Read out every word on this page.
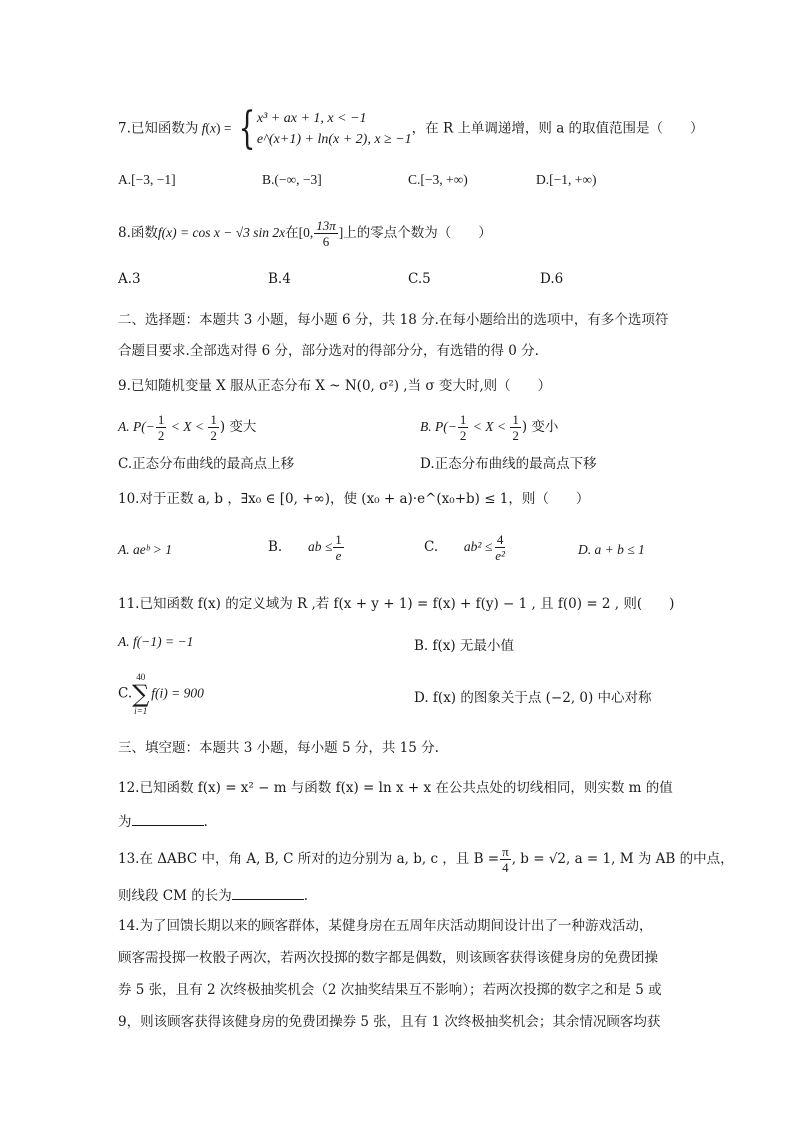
7.已知函数为 f(x) = { x³ + ax + 1, x < −1
e^(x+1) + ln(x + 2), x ≥ −1，在 R 上单调递增，则 a 的取值范围是（　　）
A.[−3, −1]	B.(−∞, −3]	C.[−3, +∞)	D.[−1, +∞)
8.函数f(x) = cos x − √3 sin 2x在[0, $\frac{13\pi}{6}$ ]上的零点个数为（　　）
A.3	B.4	C.5	D.6
二、选择题：本题共 3 小题，每小题 6 分，共 18 分.在每小题给出的选项中，有多个选项符
合题目要求.全部选对得 6 分，部分选对的得部分分，有选错的得 0 分.
9.已知随机变量 X 服从正态分布 X ~ N(0, σ²) ,当 σ 变大时,则（　　）
A. $P(- \frac{1}{2} < X < \frac{1}{2}$ ) 变大	B. $P(- \frac{1}{2} < X < \frac{1}{2}$ ) 变小
C.正态分布曲线的最高点上移	D.正态分布曲线的最高点下移
10.对于正数 a, b ，∃x₀ ∈ [0, +∞)，使 (x₀ + a)·e^(x₀+b) ≤ 1，则（　　）
A. aeᵇ > 1	B. ab ≤ $\frac{1}{e}$	C. $ab^2 \le \frac{4}{\text{e²}}$	D. a + b ≤ 1
11.已知函数 f(x) 的定义域为 R ,若 f(x + y + 1) = f(x) + f(y) − 1 , 且 f(0) = 2 , 则(　　)
A. f(−1) = −1	B. f(x) 无最小值
C.
40
∑
i=1
f(i) = 900	D. f(x) 的图象关于点 (−2, 0) 中心对称
三、填空题：本题共 3 小题，每小题 5 分，共 15 分.
12.已知函数 f(x) = x² − m 与函数 f(x) = ln x + x 在公共点处的切线相同，则实数 m 的值
为	.
13.在 ΔABC 中，角 A, B, C 所对的边分别为 a, b, c ，且 $B = \frac{\pi}{4}$ , b = √2, a = 1, M 为 AB 的中点，
则线段 CM 的长为	.
14.为了回馈长期以来的顾客群体，某健身房在五周年庆活动期间设计出了一种游戏活动，
顾客需投掷一枚骰子两次，若两次投掷的数字都是偶数，则该顾客获得该健身房的免费团操
券 5 张，且有 2 次终极抽奖机会（2 次抽奖结果互不影响）；若两次投掷的数字之和是 5 或
9，则该顾客获得该健身房的免费团操券 5 张，且有 1 次终极抽奖机会；其余情况顾客均获
